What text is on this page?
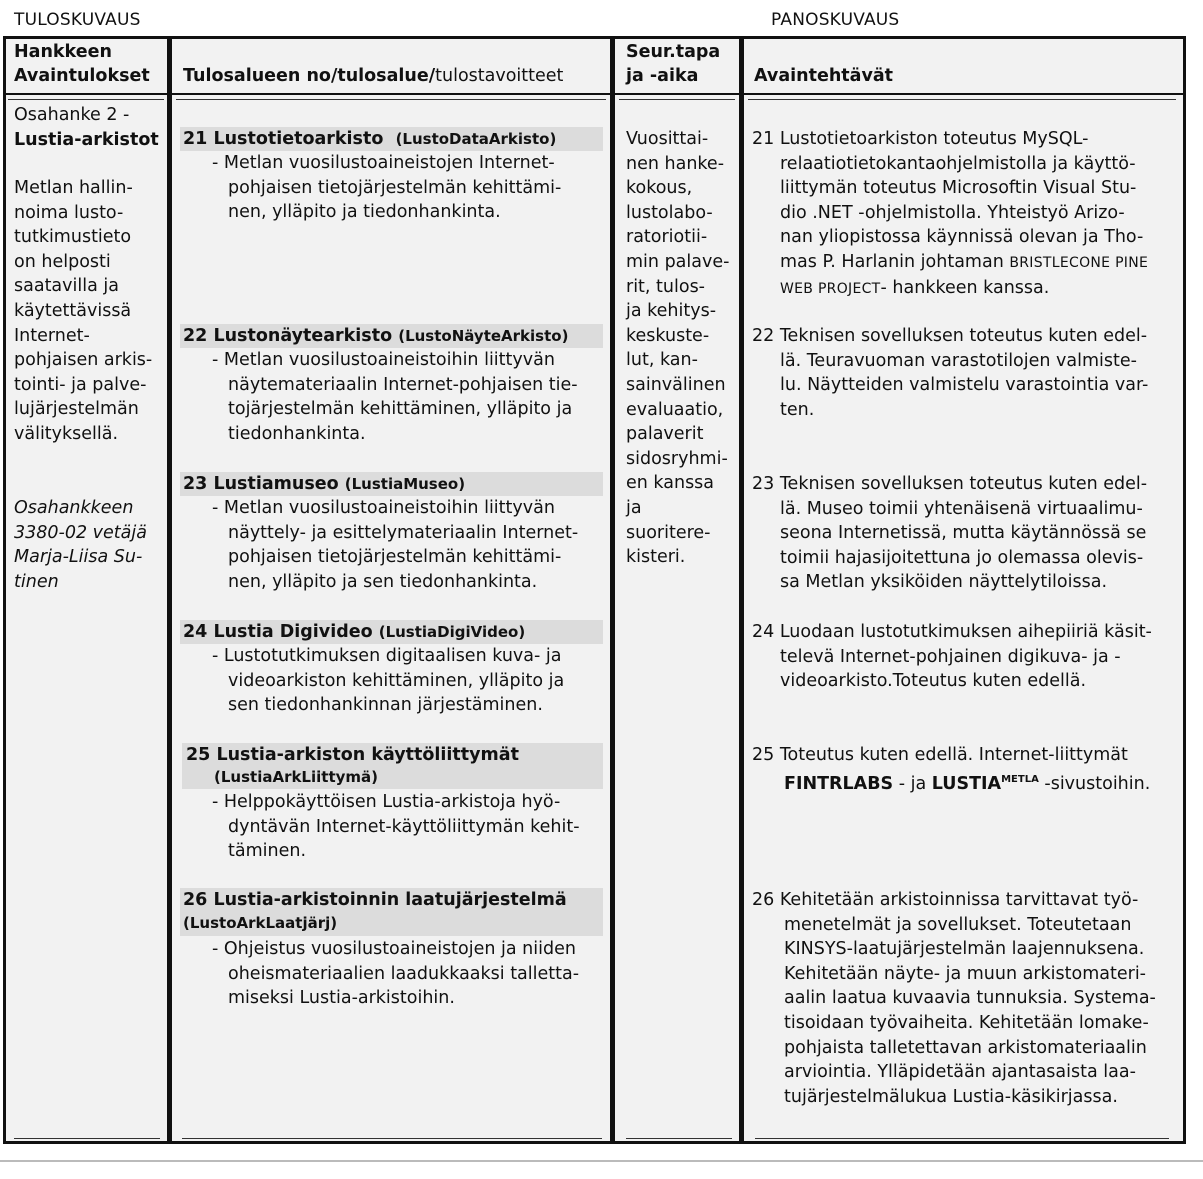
TULOSKUVAUS	PANOSKUVAUS
Hankkeen
Avaintulokset Tulosalueen no/tulosalue/tulostavoitteet
Seur.tapa
ja -aika	Avaintehtävät
Osahanke 2 -
Lustia-arkistot
Metlan hallin-
noima lusto-
tutkimustieto
on helposti
saatavilla ja
käytettävissä
Internet-
pohjaisen arkis-
tointi- ja palve-
lujärjestelmän
välityksellä.
Osahankkeen
3380-02 vetäjä
Marja-Liisa Su-
tinen
21 Lustotietoarkisto (LustoDataArkisto)
- Metlan vuosilustoaineistojen Internet-
pohjaisen tietojärjestelmän kehittämi-
nen, ylläpito ja tiedonhankinta.
22 Lustonäytearkisto (LustoNäyteArkisto)
- Metlan vuosilustoaineistoihin liittyvän
näytemateriaalin Internet-pohjaisen tie-
tojärjestelmän kehittäminen, ylläpito ja
tiedonhankinta.
23 Lustiamuseo (LustiaMuseo)
- Metlan vuosilustoaineistoihin liittyvän
näyttely- ja esittelymateriaalin Internet-
pohjaisen tietojärjestelmän kehittämi-
nen, ylläpito ja sen tiedonhankinta.
24 Lustia Digivideo (LustiaDigiVideo)
- Lustotutkimuksen digitaalisen kuva- ja
videoarkiston kehittäminen, ylläpito ja
sen tiedonhankinnan järjestäminen.
25 Lustia-arkiston käyttöliittymät
(LustiaArkLiittymä)
- Helppokäyttöisen Lustia-arkistoja hyö-
dyntävän Internet-käyttöliittymän kehit-
täminen.
26 Lustia-arkistoinnin laatujärjestelmä
(LustoArkLaatjärj)
- Ohjeistus vuosilustoaineistojen ja niiden
oheismateriaalien laadukkaaksi talletta-
miseksi Lustia-arkistoihin.
Vuosittai-
nen hanke-
kokous,
lustolabo-
ratoriotii-
min palave-
rit, tulos-
ja kehitys-
keskuste-
lut, kan-
sainvälinen
evaluaatio,
palaverit
sidosryhmi-
en kanssa
ja
suoritere-
kisteri.
21 Lustotietoarkiston toteutus MySQL-
relaatiotietokantaohjelmistolla ja käyttö-
liittymän toteutus Microsoftin Visual Stu-
dio .NET -ohjelmistolla. Yhteistyö Arizo-
nan yliopistossa käynnissä olevan ja Tho-
mas P. Harlanin johtaman BRISTLECONE PINE
WEB PROJECT- hankkeen kanssa.
22 Teknisen sovelluksen toteutus kuten edel-
lä. Teuravuoman varastotilojen valmiste-
lu. Näytteiden valmistelu varastointia var-
ten.
23 Teknisen sovelluksen toteutus kuten edel-
lä. Museo toimii yhtenäisenä virtuaalimu-
seona Internetissä, mutta käytännössä se
toimii hajasijoitettuna jo olemassa olevis-
sa Metlan yksiköiden näyttelytiloissa.
24 Luodaan lustotutkimuksen aihepiiriä käsit-
televä Internet-pohjainen digikuva- ja -
videoarkisto.Toteutus kuten edellä.
25 Toteutus kuten edellä. Internet-liittymät
FINTRLABS - ja $LUSTIA^{METLA}$ -sivustoihin.
26 Kehitetään arkistoinnissa tarvittavat työ-
menetelmät ja sovellukset. Toteutetaan
KINSYS-laatujärjestelmän laajennuksena.
Kehitetään näyte- ja muun arkistomateri-
aalin laatua kuvaavia tunnuksia. Systema-
tisoidaan työvaiheita. Kehitetään lomake-
pohjaista talletettavan arkistomateriaalin
arviointia. Ylläpidetään ajantasaista laa-
tujärjestelmälukua Lustia-käsikirjassa.
